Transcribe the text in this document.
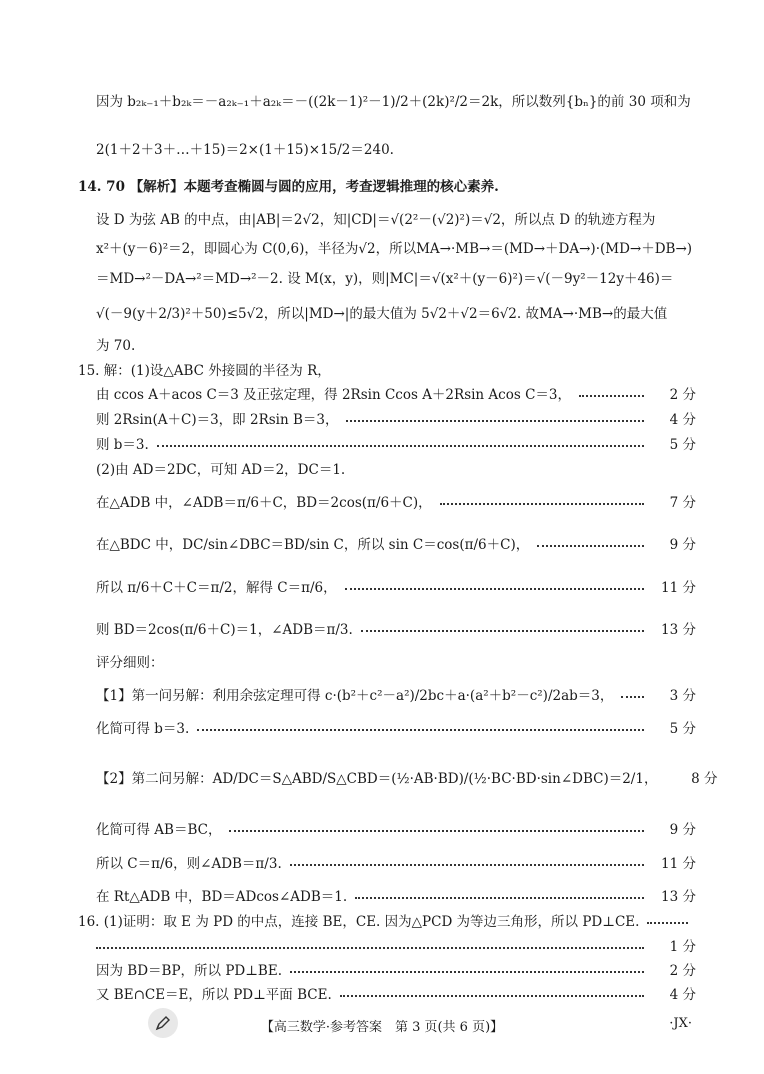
因为 b₂ₖ₋₁＋b₂ₖ＝－a₂ₖ₋₁＋a₂ₖ＝－((2k－1)²－1)/2＋(2k)²/2＝2k，所以数列{bₙ}的前 30 项和为
2(1＋2＋3＋…＋15)＝2×(1＋15)×15/2＝240.
14. 70 【解析】本题考查椭圆与圆的应用，考查逻辑推理的核心素养.
设 D 为弦 AB 的中点，由|AB|＝2√2，知|CD|＝√(2²－(√2)²)＝√2，所以点 D 的轨迹方程为
x²＋(y－6)²＝2，即圆心为 C(0,6)，半径为√2，所以MA→·MB→＝(MD→＋DA→)·(MD→＋DB→)
＝MD→²－DA→²＝MD→²－2. 设 M(x，y)，则|MC|＝√(x²＋(y－6)²)＝√(－9y²－12y＋46)＝
√(－9(y＋2/3)²＋50)≤5√2，所以|MD→|的最大值为 5√2＋√2＝6√2. 故MA→·MB→的最大值
为 70.
15. 解：(1)设△ABC 外接圆的半径为 R，
由 ccos A＋acos C＝3 及正弦定理，得 2Rsin Ccos A＋2Rsin Acos C＝3，	2 分
则 2Rsin(A＋C)＝3，即 2Rsin B＝3，	4 分
则 b＝3.	5 分
(2)由 AD＝2DC，可知 AD＝2，DC＝1.
在△ADB 中，∠ADB＝π/6＋C，BD＝2cos(π/6＋C)，	7 分
在△BDC 中，DC/sin∠DBC＝BD/sin C，所以 sin C＝cos(π/6＋C)，	9 分
所以 π/6＋C＋C＝π/2，解得 C＝π/6，	11 分
则 BD＝2cos(π/6＋C)＝1，∠ADB＝π/3.	13 分
评分细则：
【1】第一问另解：利用余弦定理可得 c·(b²＋c²－a²)/2bc＋a·(a²＋b²－c²)/2ab＝3，	3 分
化简可得 b＝3.	5 分
【2】第二问另解：AD/DC＝S△ABD/S△CBD＝(½·AB·BD)/(½·BC·BD·sin∠DBC)＝2/1，	8 分
化简可得 AB＝BC，	9 分
所以 C＝π/6，则∠ADB＝π/3.	11 分
在 Rt△ADB 中，BD＝ADcos∠ADB＝1.	13 分
16. (1)证明：取 E 为 PD 的中点，连接 BE，CE. 因为△PCD 为等边三角形，所以 PD⊥CE.
1 分
因为 BD＝BP，所以 PD⊥BE.	2 分
又 BE∩CE＝E，所以 PD⊥平面 BCE.	4 分
【高三数学·参考答案　第 3 页(共 6 页)】	·JX·
